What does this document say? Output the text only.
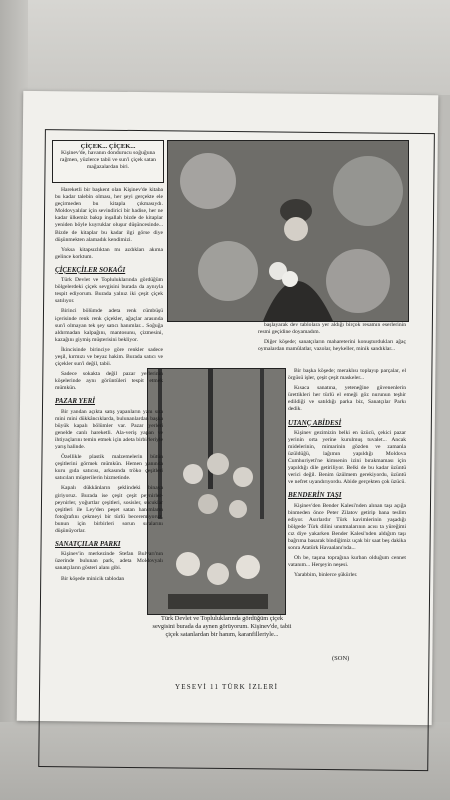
ÇİÇEK... ÇİÇEK...
Kişinev'de, havanın dondurucu soğuğuna rağmen, yüzlerce tabii ve sun'i çiçek satan mağazalardan biri.

Hareketli bir başkent olan Kişinev'de kitaba bu kadar talebin olması, her şeyi gerçekte ele geçirmeden bu kitapla çıkmasıydı. Moldovyalılar için sevindirici bir hadise, her ne kadar ülkemiz bakıp inşallah bizde de kitaplar yeniden böyle kuyruklar oluşur düşüncesinde... Bizde de kitaplar bu kadar ilgi görse diye düşünmekten alamadık kendimizi.

Yoksa kitapsızlıktan mı azdıkları akıma gelince korktum.

ÇİÇEKÇİLER SOKAĞI

Türk Devlet ve Topluluklarında gördüğüm bölgelerdeki çiçek sevgisini burada da aynıyla tespit ediyorum. Burada yalnız iki çeşit çiçek satılıyor.

Birinci bölümde adeta renk cümbüşü içerisinde renk renk çiçekler, ağaçlar arasında sun'i olmayan tek şey satıcı hanımlar... Soğuğa aldırmadan kalpağını, mantosunu, çizmesini, kazağını giymiş müşterisini bekliyor.

İkincisinde birinciye göre renkler sadece yeşil, kırmızı ve beyaz hakim. Burada satıcı ve çiçekler sun'i değil, tabii.

Sadece sokakta değil pazar yerlerinin köşelerinde aynı görüntüleri tespit etmek mümkün.

PAZAR YERİ

Bir yandan açıkta satış yapanların yanı sıra mini mini dükkâncıklarda, bulunanlardan başka büyük kapalı bölümler var. Pazar yerleri genelde canlı hareketli. Ala-veriş yapan ve ihtiyaçlarını temin etmek için adeta birbirleriyle yarış halinde.

Özellikle plastik malzemelerin bütün çeşitlerini görmek mümkün. Hemen yanında kuru gıda satıcısı, arkasında tröko çeşitleri satıcıları müşterilerin hizmetinde.

Kapalı dükkânların şeklindeki binaya giriyoruz. Burada ise çeşit çeşit peynirler-peynirler, yoğurtlar çeşitleri, sosisler, sucuklar çeşitleri ile Ley'den peşet satan hanımların fotoğrafını çekmeyi bir türlü beceremiyoruz, bunun için birbirleri sorun sıralarını düşünüyorlar.

SANATÇILAR PARKI

Kişinev'in merkezinde Stefan Bulvarı'nın üzerinde bulunan park, adeta Moldovyalı sanatçıların gösteri alanı gibi.

Bir köşede minicik tablodan

başlayarak dev tablolara yer aldığı birçok resamın eserlerinin resmi geçidine doyamadım.

Diğer köşede; sanatçıların mahareterini konuşturdukları ağaç oymalardan mamûlatlar, vazolar, heykeller, minik sandıklar...

Bir başka köşede; meraklısı toplayıp parçalar, el örgüsü işler, çeşit çeşit maskeler...

Kısaca sanatına, yeteneğine güvenenlerin ürettikleri her türlü el emeği göz nurunun teşhir edildiği ve satıldığı parka biz, Sanatçılar Parkı dedik.

UTANÇ ABİDESİ

Kişinev gezimizin belki en üzücü, çekici pazar yerinin orta yerine kurulmuş tuvalet... Ancak midelerinin, mimarinin gözden ve zamanla üzüldüğü, lağımın yapıldığı Moldova Cumhuriyeti'ne kimsenin izini bırakmaması için yapıldığı dile getiriliyor. Belki de bu kadar üzüntü verici değil. Benim üzülmem gerekiyordu, üzüntü ve nefret uyandırıyordu. Abide gerçekten çok üzücü.

BENDERİN TAŞI

Kişinev'den Bender Kalesi'nden alınan taşı açığa binmeden önce Peter Zilatov getirip bana teslim ediyor. Asırlardır Türk kavimlerinin yaşadığı bölgede Türk dilini unutmalarının acısı ta yüreğimi cız diye yakarken Bender Kalesi'nden aldığım taşı bağrıma basarak bindiğimiz uçak bir saat beş dakika sonra Atatürk Havaalanı'nda...

Oh be, taşına toprağına kurban olduğum cennet vatanım... Herşeyin neşesi.

Yarabbim, binlerce şükürler.

(SON)
Türk Devlet ve Topluluklarında gördüğüm çiçek sevgisini burada da aynen görüyorum. Kişinev'de, tabii çiçek satanlardan bir hanım, karanfilleriyle...
YESEVİ 11 TÜRK İZLERİ
